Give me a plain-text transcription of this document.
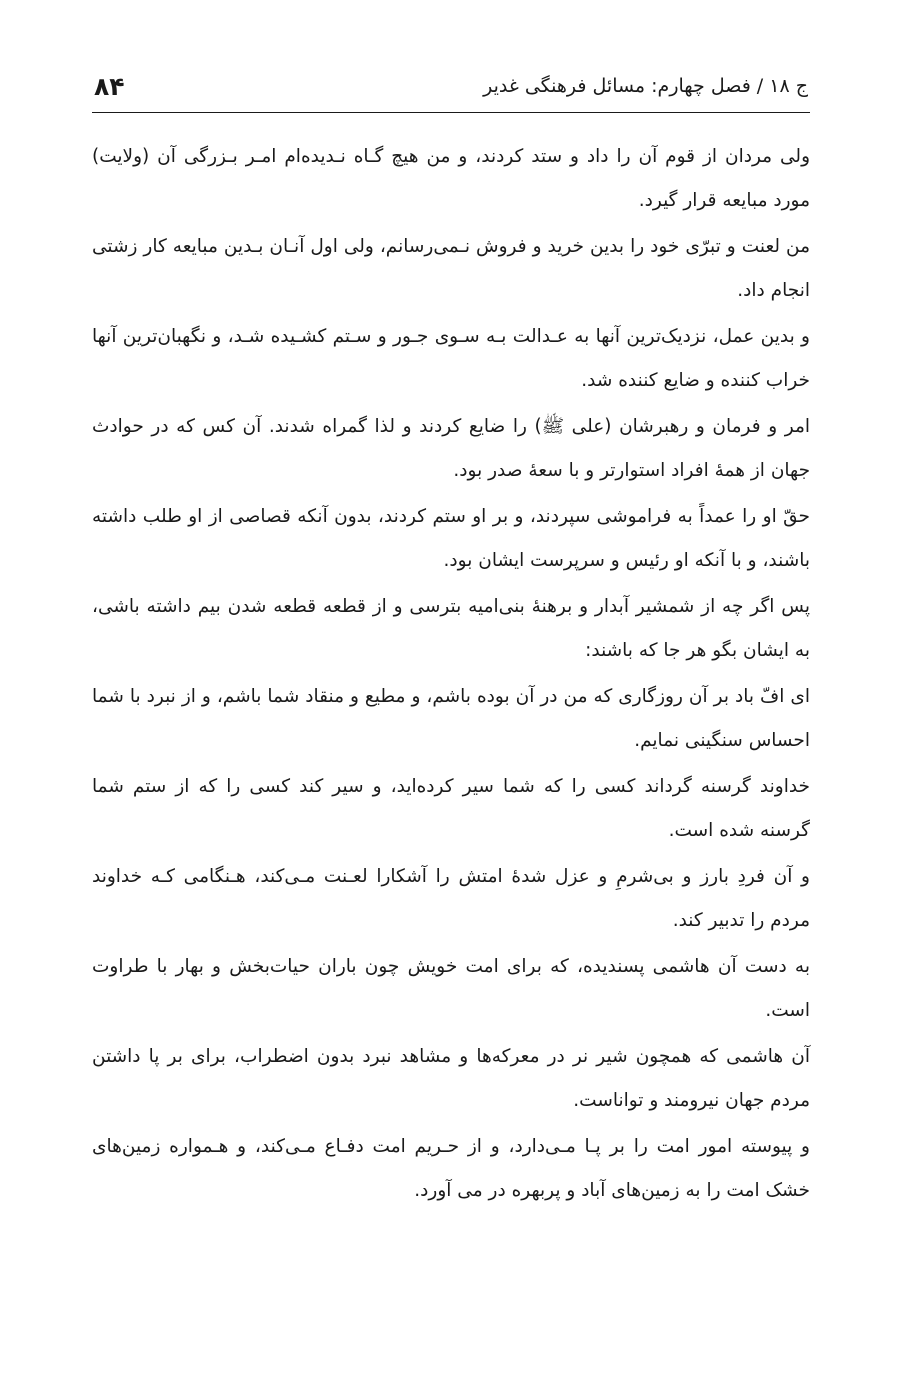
ج ۱۸ / فصل چهارم: مسائل فرهنگی غدیر
۸۴

ولی مردان از قوم آن را داد و ستد کردند، و من هیچ گـاه نـدیده‌ام امـر بـزرگی آن (ولایت) مورد مبایعه قرار گیرد.

من لعنت و تبرّی خود را بدین خرید و فروش نـمی‌رسانم، ولی اول آنـان بـدین مبایعه کار زشتی انجام داد.

و بدین عمل، نزدیک‌ترین آنها به عـدالت بـه سـوی جـور و سـتم کشـیده شـد، و نگهبان‌ترین آنها خراب کننده و ضایع کننده شد.

امر و فرمان و رهبرشان (علی ﷺ) را ضایع کردند و لذا گمراه شدند. آن کس که در حوادث جهان از همهٔ افراد استوارتر و با سعهٔ صدر بود.

حقّ او را عمداً به فراموشی سپردند، و بر او ستم کردند، بدون آنکه قصاصی از او طلب داشته باشند، و با آنکه او رئیس و سرپرست ایشان بود.

پس اگر چه از شمشیر آبدار و برهنهٔ بنی‌امیه بترسی و از قطعه قطعه شدن بیم داشته باشی، به ایشان بگو هر جا که باشند:

ای افّ باد بر آن روزگاری که من در آن بوده باشم، و مطیع و منقاد شما باشم، و از نبرد با شما احساس سنگینی نمایم.

خداوند گرسنه گرداند کسی را که شما سیر کرده‌اید، و سیر کند کسی را که از ستم شما گرسنه شده است.

و آن فردِ بارز و بی‌شرمِ و عزل شدهٔ امتش را آشکارا لعـنت مـی‌کند، هـنگامی کـه خداوند مردم را تدبیر کند.

به دست آن هاشمی پسندیده، که برای امت خویش چون باران حیات‌بخش و بهار با طراوت است.

آن هاشمی که همچون شیر نر در معرکه‌ها و مشاهد نبرد بدون اضطراب، برای بر پا داشتن مردم جهان نیرومند و تواناست.

و پیوسته امور امت را بر پـا مـی‌دارد، و از حـریم امت دفـاع مـی‌کند، و هـمواره زمین‌های خشک امت را به زمین‌های آباد و پربهره در می آورد.
